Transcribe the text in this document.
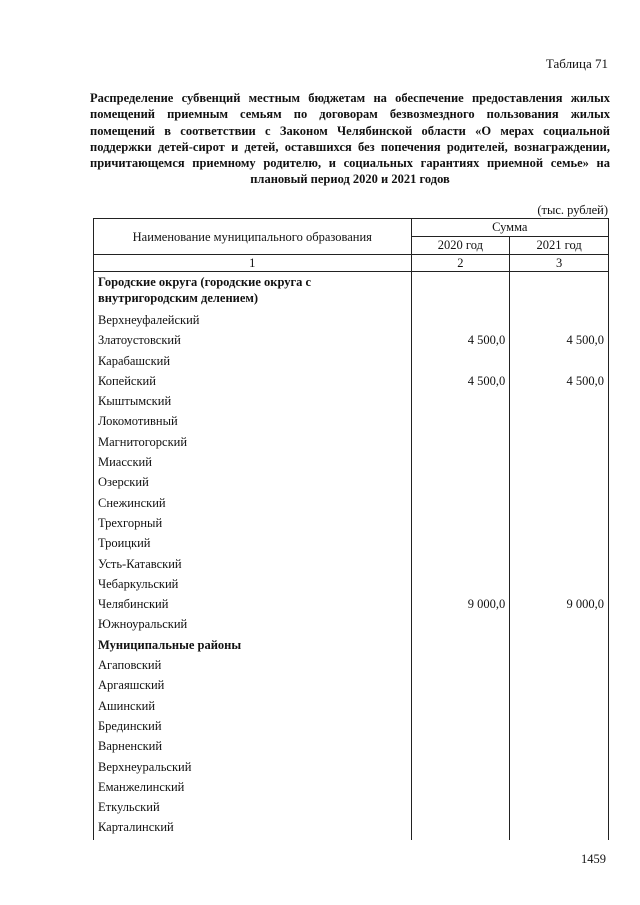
Таблица 71
Распределение субвенций местным бюджетам на обеспечение предоставления жилых помещений приемным семьям по договорам безвозмездного пользования жилых помещений в соответствии с Законом Челябинской области «О мерах социальной поддержки детей-сирот и детей, оставшихся без попечения родителей, вознаграждении, причитающемся приемному родителю, и социальных гарантиях приемной семье» на плановый период 2020 и 2021 годов
(тыс. рублей)
Наименование муниципального образования	Сумма	
	2020 год	2021 год
1	2	3
Городские округа (городские округа с внутригородским делением)		
Верхнеуфалейский		
Златоустовский	4 500,0	4 500,0
Карабашский		
Копейский	4 500,0	4 500,0
Кыштымский		
Локомотивный		
Магнитогорский		
Миасский		
Озерский		
Снежинский		
Трехгорный		
Троицкий		
Усть-Катавский		
Чебаркульский		
Челябинский	9 000,0	9 000,0
Южноуральский		
Муниципальные районы		
Агаповский		
Аргаяшский		
Ашинский		
Брединский		
Варненский		
Верхнеуральский		
Еманжелинский		
Еткульский		
Карталинский		
1459
